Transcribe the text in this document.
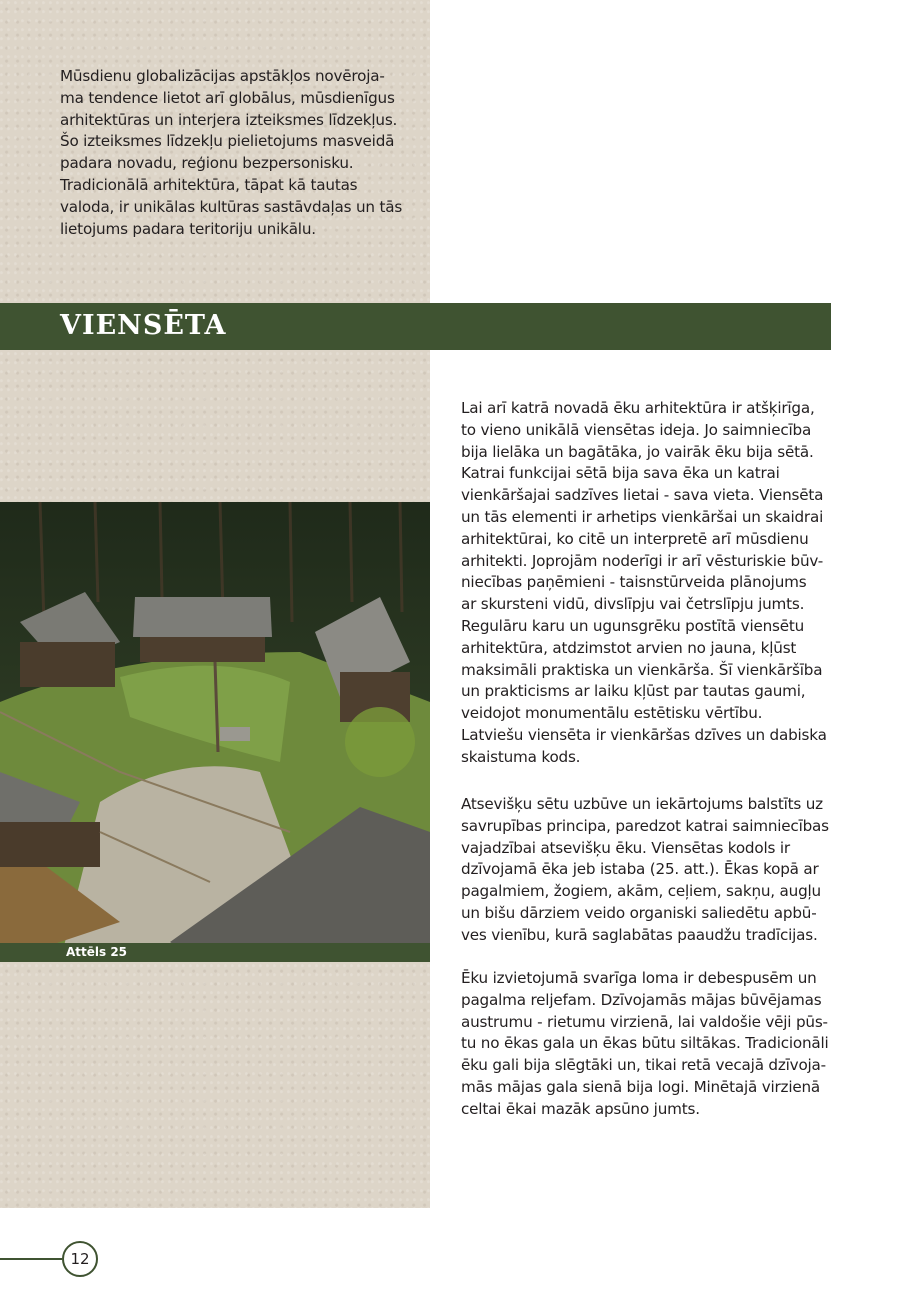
Mūsdienu globalizācijas apstākļos novēroja-
ma tendence lietot arī globālus, mūsdienīgus
arhitektūras un interjera izteiksmes līdzekļus.
Šo izteiksmes līdzekļu pielietojums masveidā
padara novadu, reģionu bezpersonisku.
Tradicionālā arhitektūra, tāpat kā tautas
valoda, ir unikālas kultūras sastāvdaļas un tās
lietojums padara teritoriju unikālu.
VIENSĒTA
Attēls 25
Lai arī katrā novadā ēku arhitektūra ir atšķirīga,
to vieno unikālā viensētas ideja. Jo saimniecība
bija lielāka un bagātāka, jo vairāk ēku bija sētā.
Katrai funkcijai sētā bija sava ēka un katrai
vienkāršajai sadzīves lietai - sava vieta. Viensēta
un tās elementi ir arhetips vienkāršai un skaidrai
arhitektūrai, ko citē un interpretē arī mūsdienu
arhitekti. Joprojām noderīgi ir arī vēsturiskie būv-
niecības paņēmieni - taisnstūrveida plānojums
ar skursteni vidū, divslīpju vai četrslīpju jumts.
Regulāru karu un ugunsgrēku postītā viensētu
arhitektūra, atdzimstot arvien no jauna, kļūst
maksimāli praktiska un vienkārša. Šī vienkāršība
un prakticisms ar laiku kļūst par tautas gaumi,
veidojot monumentālu estētisku vērtību.
Latviešu viensēta ir vienkāršas dzīves un dabiska
skaistuma kods.
Atsevišķu sētu uzbūve un iekārtojums balstīts uz
savrupības principa, paredzot katrai saimniecības
vajadzībai atsevišķu ēku. Viensētas kodols ir
dzīvojamā ēka jeb istaba (25. att.). Ēkas kopā ar
pagalmiem, žogiem, akām, ceļiem, sakņu, augļu
un bišu dārziem veido organiski saliedētu apbū-
ves vienību, kurā saglabātas paaudžu tradīcijas.
Ēku izvietojumā svarīga loma ir debespusēm un
pagalma reljefam. Dzīvojamās mājas būvējamas
austrumu - rietumu virzienā, lai valdošie vēji pūs-
tu no ēkas gala un ēkas būtu siltākas. Tradicionāli
ēku gali bija slēgtāki un, tikai retā vecajā dzīvoja-
mās mājas gala sienā bija logi. Minētajā virzienā
celtai ēkai mazāk apsūno jumts.
12
